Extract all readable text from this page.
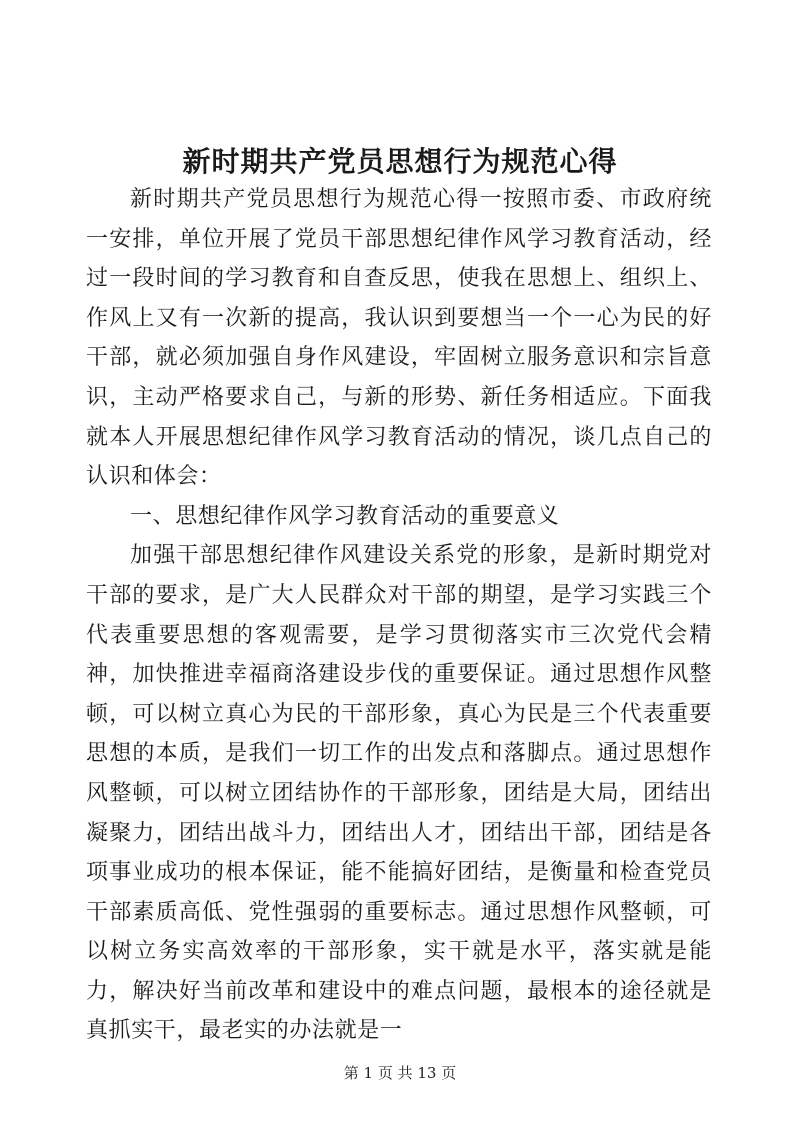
新时期共产党员思想行为规范心得

新时期共产党员思想行为规范心得一按照市委、市政府统一安排，单位开展了党员干部思想纪律作风学习教育活动，经过一段时间的学习教育和自查反思，使我在思想上、组织上、作风上又有一次新的提高，我认识到要想当一个一心为民的好干部，就必须加强自身作风建设，牢固树立服务意识和宗旨意识，主动严格要求自己，与新的形势、新任务相适应。下面我就本人开展思想纪律作风学习教育活动的情况，谈几点自己的认识和体会：

一、思想纪律作风学习教育活动的重要意义

加强干部思想纪律作风建设关系党的形象，是新时期党对干部的要求，是广大人民群众对干部的期望，是学习实践三个代表重要思想的客观需要，是学习贯彻落实市三次党代会精神，加快推进幸福商洛建设步伐的重要保证。通过思想作风整顿，可以树立真心为民的干部形象，真心为民是三个代表重要思想的本质，是我们一切工作的出发点和落脚点。通过思想作风整顿，可以树立团结协作的干部形象，团结是大局，团结出凝聚力，团结出战斗力，团结出人才，团结出干部，团结是各项事业成功的根本保证，能不能搞好团结，是衡量和检查党员干部素质高低、党性强弱的重要标志。通过思想作风整顿，可以树立务实高效率的干部形象，实干就是水平，落实就是能力，解决好当前改革和建设中的难点问题，最根本的途径就是真抓实干，最老实的办法就是一

第 1 页 共 13 页
